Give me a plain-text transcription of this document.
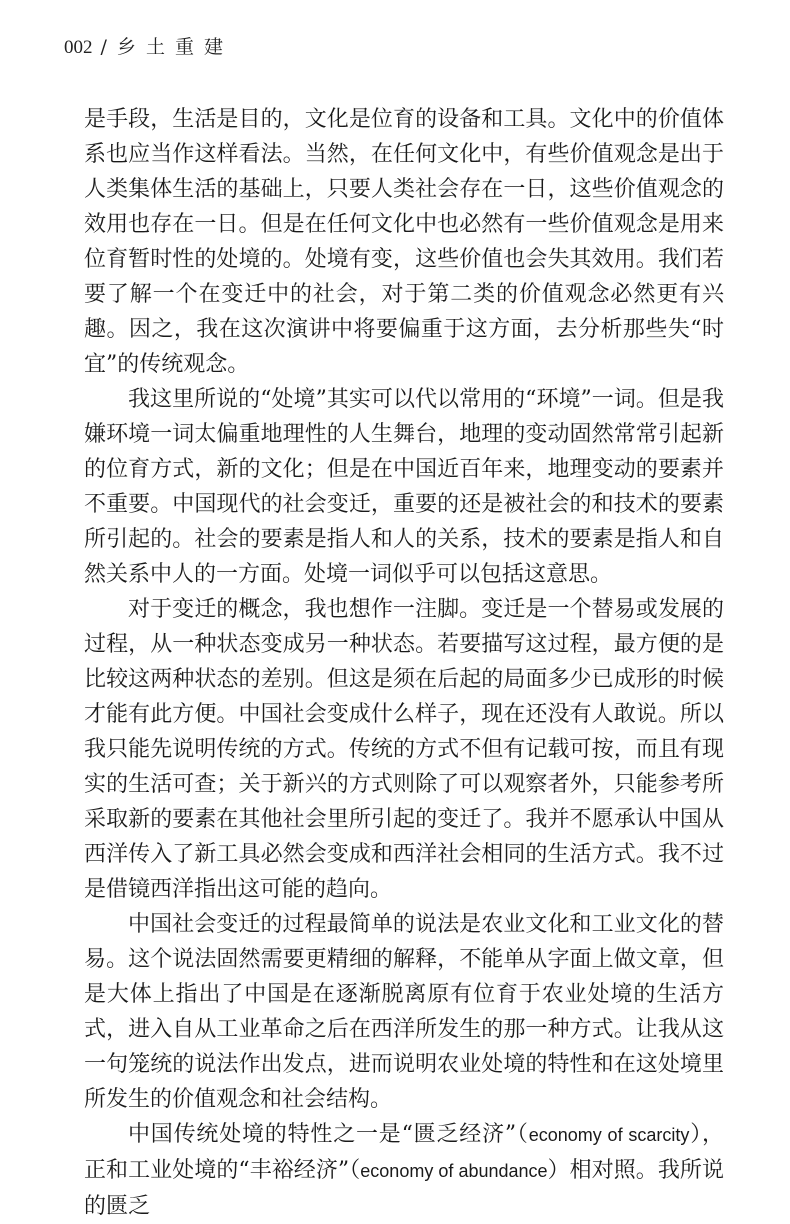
002 / 乡 土 重 建

是手段，生活是目的，文化是位育的设备和工具。文化中的价值体系也应当作这样看法。当然，在任何文化中，有些价值观念是出于人类集体生活的基础上，只要人类社会存在一日，这些价值观念的效用也存在一日。但是在任何文化中也必然有一些价值观念是用来位育暂时性的处境的。处境有变，这些价值也会失其效用。我们若要了解一个在变迁中的社会，对于第二类的价值观念必然更有兴趣。因之，我在这次演讲中将要偏重于这方面，去分析那些失“时宜”的传统观念。

我这里所说的“处境”其实可以代以常用的“环境”一词。但是我嫌环境一词太偏重地理性的人生舞台，地理的变动固然常常引起新的位育方式，新的文化；但是在中国近百年来，地理变动的要素并不重要。中国现代的社会变迁，重要的还是被社会的和技术的要素所引起的。社会的要素是指人和人的关系，技术的要素是指人和自然关系中人的一方面。处境一词似乎可以包括这意思。

对于变迁的概念，我也想作一注脚。变迁是一个替易或发展的过程，从一种状态变成另一种状态。若要描写这过程，最方便的是比较这两种状态的差别。但这是须在后起的局面多少已成形的时候才能有此方便。中国社会变成什么样子，现在还没有人敢说。所以我只能先说明传统的方式。传统的方式不但有记载可按，而且有现实的生活可查；关于新兴的方式则除了可以观察者外，只能参考所采取新的要素在其他社会里所引起的变迁了。我并不愿承认中国从西洋传入了新工具必然会变成和西洋社会相同的生活方式。我不过是借镜西洋指出这可能的趋向。

中国社会变迁的过程最简单的说法是农业文化和工业文化的替易。这个说法固然需要更精细的解释，不能单从字面上做文章，但是大体上指出了中国是在逐渐脱离原有位育于农业处境的生活方式，进入自从工业革命之后在西洋所发生的那一种方式。让我从这一句笼统的说法作出发点，进而说明农业处境的特性和在这处境里所发生的价值观念和社会结构。

中国传统处境的特性之一是“匮乏经济”（economy of scarcity），正和工业处境的“丰裕经济”（economy of abundance）相对照。我所说的匮乏
